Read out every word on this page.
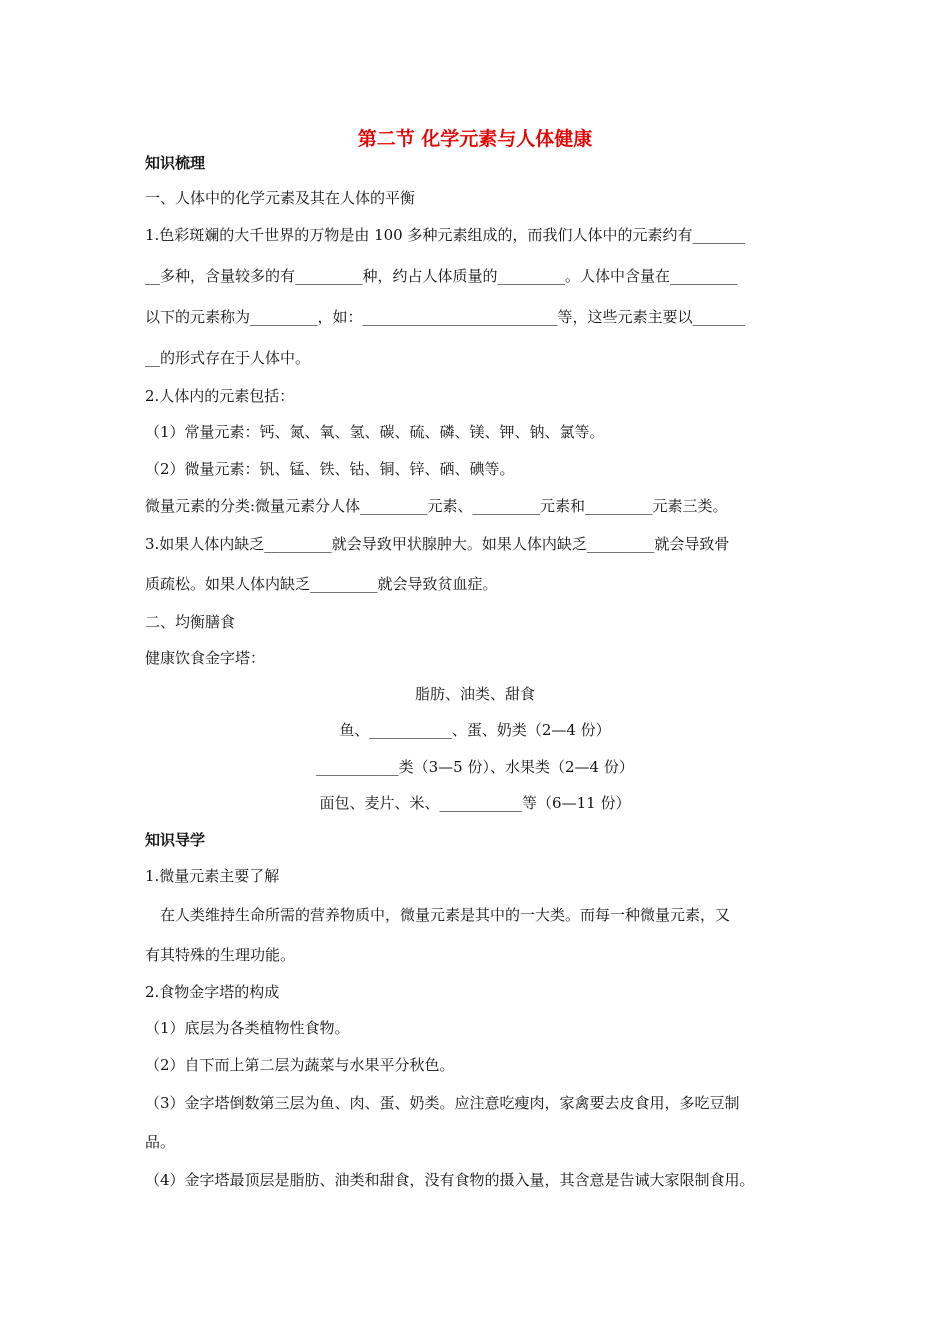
第二节 化学元素与人体健康
知识梳理
一、人体中的化学元素及其在人体的平衡
1.色彩斑斓的大千世界的万物是由 100 多种元素组成的，而我们人体中的元素约有_______
__多种，含量较多的有_________种，约占人体质量的_________。人体中含量在_________
以下的元素称为_________，如：__________________________等，这些元素主要以_______
__的形式存在于人体中。
2.人体内的元素包括：
（1）常量元素：钙、氮、氧、氢、碳、硫、磷、镁、钾、钠、氯等。
（2）微量元素：钒、锰、铁、钴、铜、锌、硒、碘等。
微量元素的分类:微量元素分人体_________元素、_________元素和_________元素三类。
3.如果人体内缺乏_________就会导致甲状腺肿大。如果人体内缺乏_________就会导致骨
质疏松。如果人体内缺乏_________就会导致贫血症。
二、均衡膳食
健康饮食金字塔：
脂肪、油类、甜食
鱼、___________、蛋、奶类（2—4 份）
___________类（3—5 份）、水果类（2—4 份）
面包、麦片、米、___________等（6—11 份）
知识导学
1.微量元素主要了解
在人类维持生命所需的营养物质中，微量元素是其中的一大类。而每一种微量元素，又
有其特殊的生理功能。
2.食物金字塔的构成
（1）底层为各类植物性食物。
（2）自下而上第二层为蔬菜与水果平分秋色。
（3）金字塔倒数第三层为鱼、肉、蛋、奶类。应注意吃瘦肉，家禽要去皮食用，多吃豆制
品。
（4）金字塔最顶层是脂肪、油类和甜食，没有食物的摄入量，其含意是告诫大家限制食用。
